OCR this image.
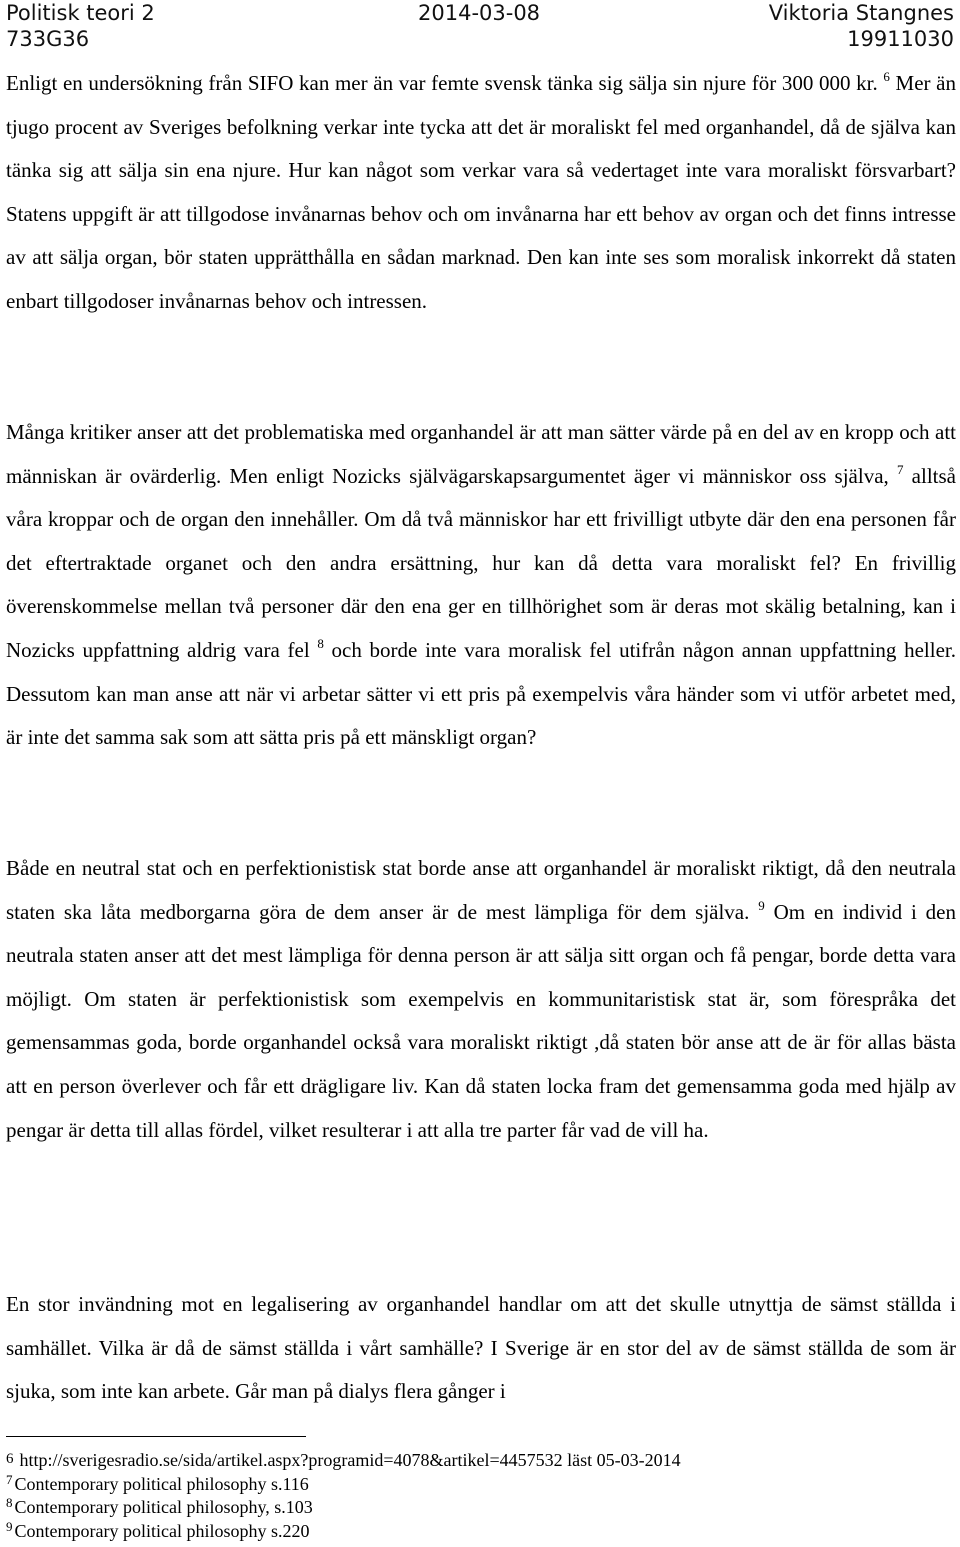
Politisk teori 2	2014-03-08	Viktoria Stangnes
733G36	19911030

Enligt en undersökning från SIFO kan mer än var femte svensk tänka sig sälja sin njure för 300 000 kr. $^6$ Mer än tjugo procent av Sveriges befolkning verkar inte tycka att det är moraliskt fel med organhandel, då de själva kan tänka sig att sälja sin ena njure. Hur kan något som verkar vara så vedertaget inte vara moraliskt försvarbart? Statens uppgift är att tillgodose invånarnas behov och om invånarna har ett behov av organ och det finns intresse av att sälja organ, bör staten upprätthålla en sådan marknad. Den kan inte ses som moralisk inkorrekt då staten enbart tillgodoser invånarnas behov och intressen.

Många kritiker anser att det problematiska med organhandel är att man sätter värde på en del av en kropp och att människan är ovärderlig. Men enligt Nozicks självägarskapsargumentet äger vi människor oss själva, $^7$ alltså våra kroppar och de organ den innehåller. Om då två människor har ett frivilligt utbyte där den ena personen får det eftertraktade organet och den andra ersättning, hur kan då detta vara moraliskt fel? En frivillig överenskommelse mellan två personer där den ena ger en tillhörighet som är deras mot skälig betalning, kan i Nozicks uppfattning aldrig vara fel $^8$ och borde inte vara moralisk fel utifrån någon annan uppfattning heller. Dessutom kan man anse att när vi arbetar sätter vi ett pris på exempelvis våra händer som vi utför arbetet med, är inte det samma sak som att sätta pris på ett mänskligt organ?

Både en neutral stat och en perfektionistisk stat borde anse att organhandel är moraliskt riktigt, då den neutrala staten ska låta medborgarna göra de dem anser är de mest lämpliga för dem själva. $^9$ Om en individ i den neutrala staten anser att det mest lämpliga för denna person är att sälja sitt organ och få pengar, borde detta vara möjligt. Om staten är perfektionistisk som exempelvis en kommunitaristisk stat är, som förespråka det gemensammas goda, borde organhandel också vara moraliskt riktigt ,då staten bör anse att de är för allas bästa att en person överlever och får ett drägligare liv. Kan då staten locka fram det gemensamma goda med hjälp av pengar är detta till allas fördel, vilket resulterar i att alla tre parter får vad de vill ha.

En stor invändning mot en legalisering av organhandel handlar om att det skulle utnyttja de sämst ställda i samhället. Vilka är då de sämst ställda i vårt samhälle? I Sverige är en stor del av de sämst ställda de som är sjuka, som inte kan arbete. Går man på dialys flera gånger i

6 http://sverigesradio.se/sida/artikel.aspx?programid=4078&artikel=4457532 läst 05-03-2014
$^7$ Contemporary political philosophy s.116
$^8$ Contemporary political philosophy, s.103
$^9$ Contemporary political philosophy s.220
